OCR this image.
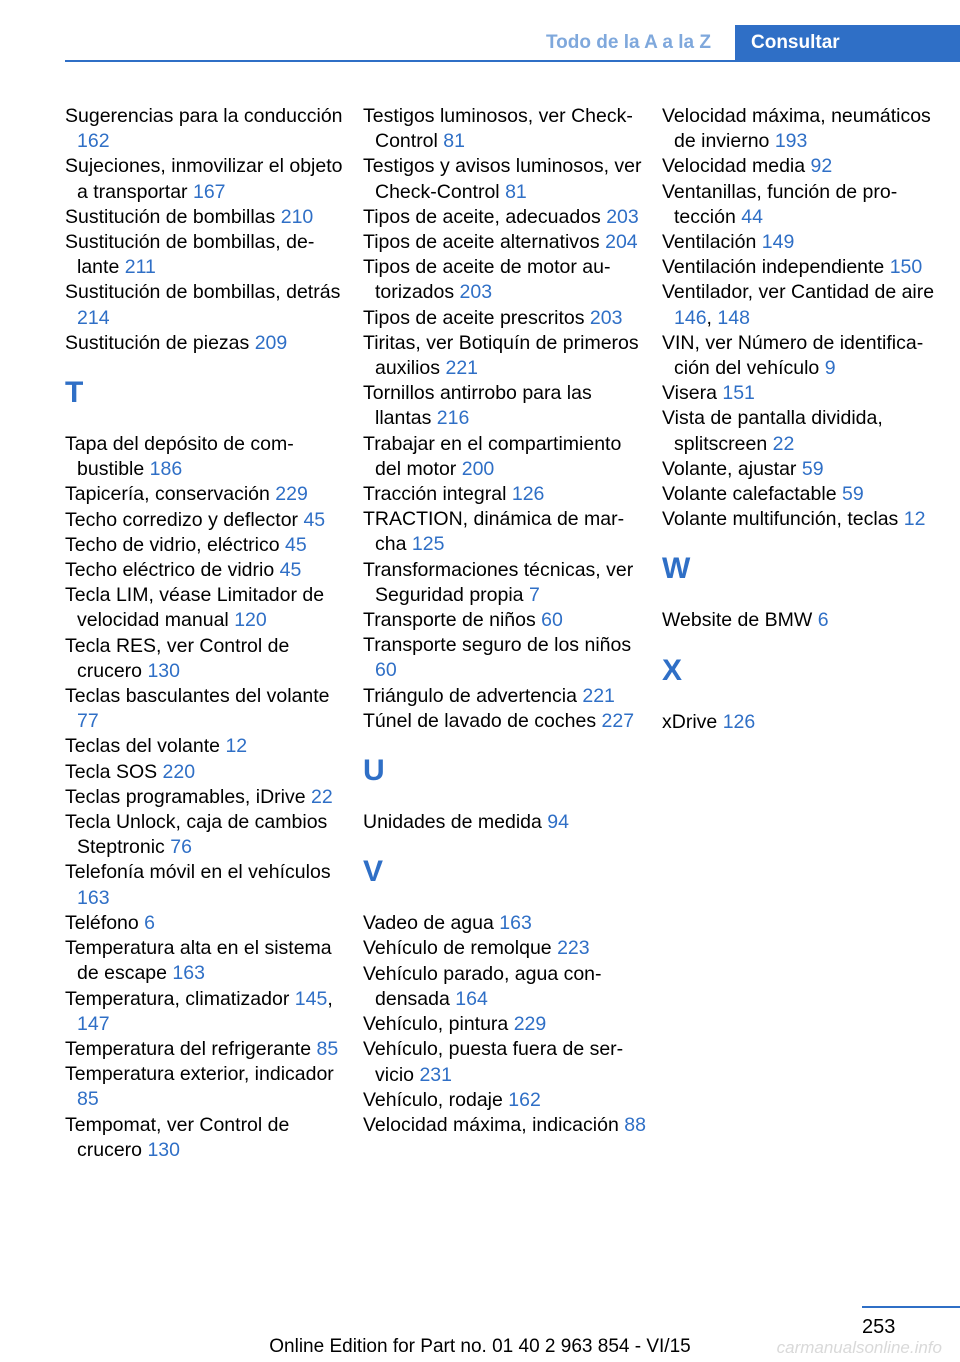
Todo de la A a la Z	Consultar
Sugerencias para la conducción 162
Sujeciones, inmovilizar el objeto a transportar 167
Sustitución de bombillas 210
Sustitución de bombillas, delante 211
Sustitución de bombillas, detrás 214
Sustitución de piezas 209
T
Tapa del depósito de combustible 186
Tapicería, conservación 229
Techo corredizo y deflector 45
Techo de vidrio, eléctrico 45
Techo eléctrico de vidrio 45
Tecla LIM, véase Limitador de velocidad manual 120
Tecla RES, ver Control de crucero 130
Teclas basculantes del volante 77
Teclas del volante 12
Tecla SOS 220
Teclas programables, iDrive 22
Tecla Unlock, caja de cambios Steptronic 76
Telefonía móvil en el vehículos 163
Teléfono 6
Temperatura alta en el sistema de escape 163
Temperatura, climatizador 145, 147
Temperatura del refrigerante 85
Temperatura exterior, indicador 85
Tempomat, ver Control de crucero 130
Testigos luminosos, ver Check-Control 81
Testigos y avisos luminosos, ver Check-Control 81
Tipos de aceite, adecuados 203
Tipos de aceite alternativos 204
Tipos de aceite de motor autorizados 203
Tipos de aceite prescritos 203
Tiritas, ver Botiquín de primeros auxilios 221
Tornillos antirrobo para las llantas 216
Trabajar en el compartimiento del motor 200
Tracción integral 126
TRACTION, dinámica de marcha 125
Transformaciones técnicas, ver Seguridad propia 7
Transporte de niños 60
Transporte seguro de los niños 60
Triángulo de advertencia 221
Túnel de lavado de coches 227
U
Unidades de medida 94
V
Vadeo de agua 163
Vehículo de remolque 223
Vehículo parado, agua condensada 164
Vehículo, pintura 229
Vehículo, puesta fuera de servicio 231
Vehículo, rodaje 162
Velocidad máxima, indicación 88
Velocidad máxima, neumáticos de invierno 193
Velocidad media 92
Ventanillas, función de protección 44
Ventilación 149
Ventilación independiente 150
Ventilador, ver Cantidad de aire 146, 148
VIN, ver Número de identificación del vehículo 9
Visera 151
Vista de pantalla dividida, splitscreen 22
Volante, ajustar 59
Volante calefactable 59
Volante multifunción, teclas 12
W
Website de BMW 6
X
xDrive 126
253
Online Edition for Part no. 01 40 2 963 854 - VI/15	carmanualsonline.info
